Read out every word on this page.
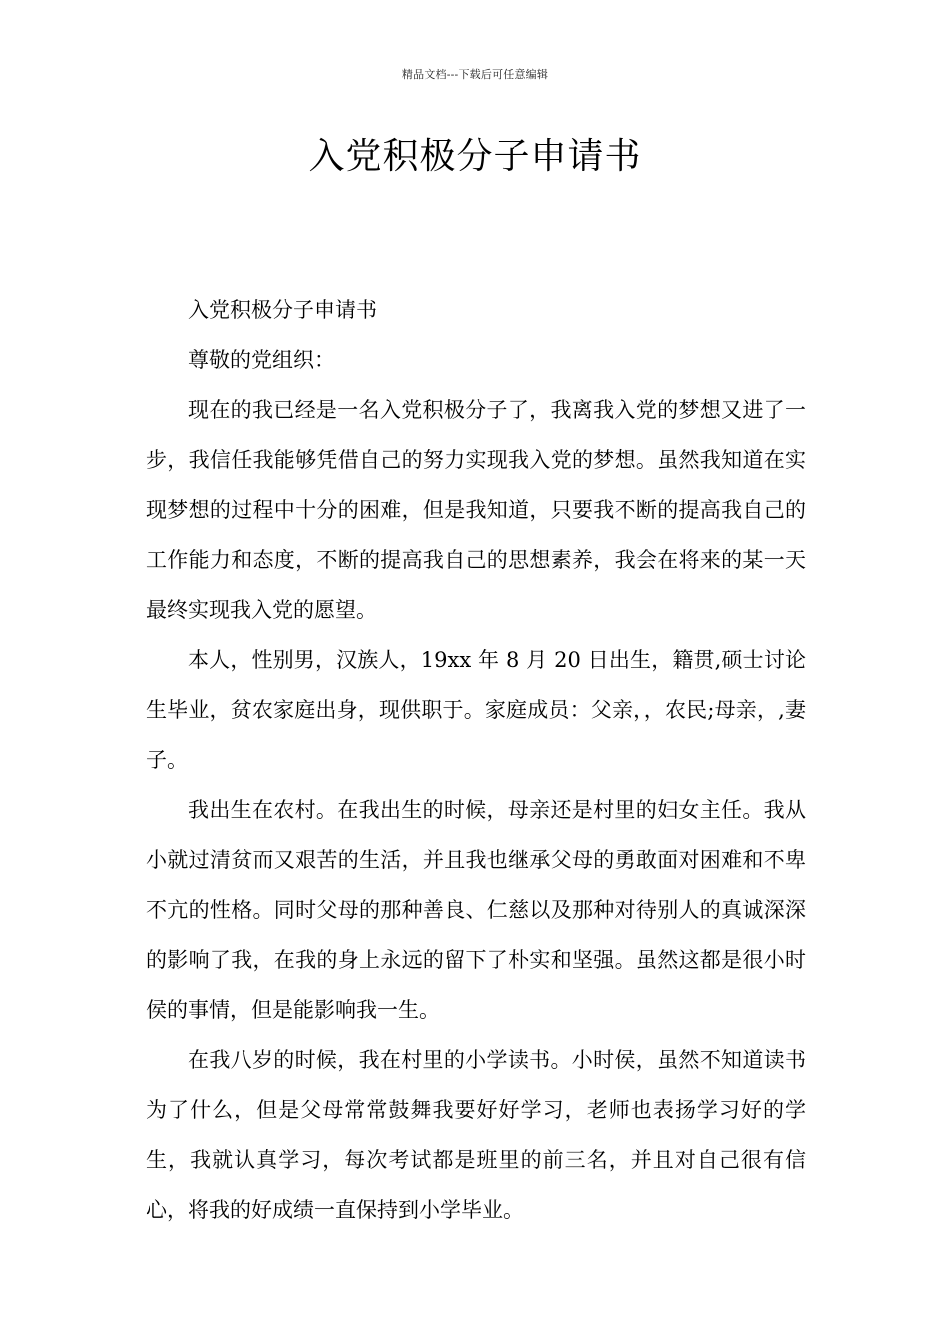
精品文档---下载后可任意编辑
入党积极分子申请书

入党积极分子申请书

尊敬的党组织：

现在的我已经是一名入党积极分子了，我离我入党的梦想又进了一步，我信任我能够凭借自己的努力实现我入党的梦想。虽然我知道在实现梦想的过程中十分的困难，但是我知道，只要我不断的提高我自己的工作能力和态度，不断的提高我自己的思想素养，我会在将来的某一天最终实现我入党的愿望。

本人，性别男，汉族人，19xx 年 8 月 20 日出生，籍贯,硕士讨论生毕业，贫农家庭出身，现供职于。家庭成员：父亲，，农民;母亲，,妻子。

我出生在农村。在我出生的时候，母亲还是村里的妇女主任。我从小就过清贫而又艰苦的生活，并且我也继承父母的勇敢面对困难和不卑不亢的性格。同时父母的那种善良、仁慈以及那种对待别人的真诚深深的影响了我，在我的身上永远的留下了朴实和坚强。虽然这都是很小时侯的事情，但是能影响我一生。

在我八岁的时候，我在村里的小学读书。小时侯，虽然不知道读书为了什么，但是父母常常鼓舞我要好好学习，老师也表扬学习好的学生，我就认真学习，每次考试都是班里的前三名，并且对自己很有信心，将我的好成绩一直保持到小学毕业。
